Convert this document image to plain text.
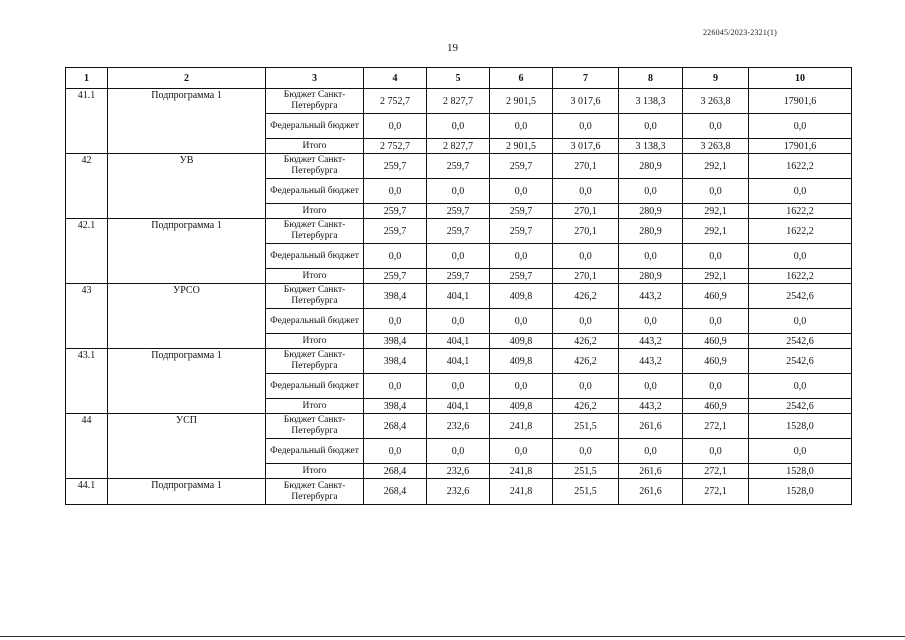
226045/2023-2321(1)
19
1	2	3	4	5	6	7	8	9	10
41.1	Подпрограмма 1	Бюджет Санкт-Петербурга	2 752,7	2 827,7	2 901,5	3 017,6	3 138,3	3 263,8	17901,6
		Федеральный бюджет	0,0	0,0	0,0	0,0	0,0	0,0	0,0
		Итого	2 752,7	2 827,7	2 901,5	3 017,6	3 138,3	3 263,8	17901,6
42	УВ	Бюджет Санкт-Петербурга	259,7	259,7	259,7	270,1	280,9	292,1	1622,2
		Федеральный бюджет	0,0	0,0	0,0	0,0	0,0	0,0	0,0
		Итого	259,7	259,7	259,7	270,1	280,9	292,1	1622,2
42.1	Подпрограмма 1	Бюджет Санкт-Петербурга	259,7	259,7	259,7	270,1	280,9	292,1	1622,2
		Федеральный бюджет	0,0	0,0	0,0	0,0	0,0	0,0	0,0
		Итого	259,7	259,7	259,7	270,1	280,9	292,1	1622,2
43	УРСО	Бюджет Санкт-Петербурга	398,4	404,1	409,8	426,2	443,2	460,9	2542,6
		Федеральный бюджет	0,0	0,0	0,0	0,0	0,0	0,0	0,0
		Итого	398,4	404,1	409,8	426,2	443,2	460,9	2542,6
43.1	Подпрограмма 1	Бюджет Санкт-Петербурга	398,4	404,1	409,8	426,2	443,2	460,9	2542,6
		Федеральный бюджет	0,0	0,0	0,0	0,0	0,0	0,0	0,0
		Итого	398,4	404,1	409,8	426,2	443,2	460,9	2542,6
44	УСП	Бюджет Санкт-Петербурга	268,4	232,6	241,8	251,5	261,6	272,1	1528,0
		Федеральный бюджет	0,0	0,0	0,0	0,0	0,0	0,0	0,0
		Итого	268,4	232,6	241,8	251,5	261,6	272,1	1528,0
44.1	Подпрограмма 1	Бюджет Санкт-Петербурга	268,4	232,6	241,8	251,5	261,6	272,1	1528,0
